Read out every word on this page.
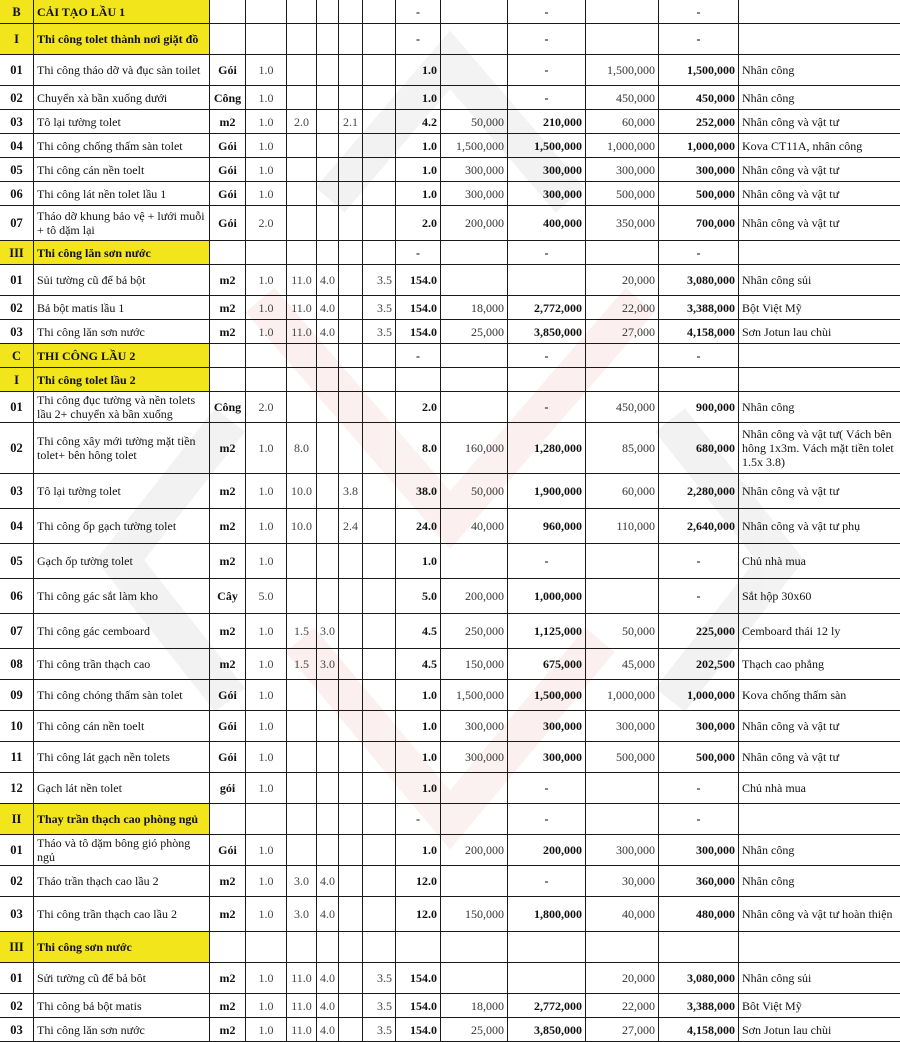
B	CẢI TẠO LẦU 1							-		-		-	
I	Thi công tolet thành nơi giặt đồ							-		-		-	
01	Thi công tháo dỡ và đục sàn toilet	Gói	1.0					1.0		-	1,500,000	1,500,000	Nhân công
02	Chuyển xà bần xuống dưới	Công	1.0					1.0		-	450,000	450,000	Nhân công
03	Tô lại tường tolet	m2	1.0	2.0		2.1		4.2	50,000	210,000	60,000	252,000	Nhân công và vật tư
04	Thi công chống thấm sàn tolet	Gói	1.0					1.0	1,500,000	1,500,000	1,000,000	1,000,000	Kova CT11A, nhân công
05	Thi công cán nền toelt	Gói	1.0					1.0	300,000	300,000	300,000	300,000	Nhân công và vật tư
06	Thi công lát nền tolet lầu 1	Gói	1.0					1.0	300,000	300,000	500,000	500,000	Nhân công và vật tư
07	Tháo dỡ khung bảo vệ + lưới muỗi + tô dặm lại	Gói	2.0					2.0	200,000	400,000	350,000	700,000	Nhân công và vật tư
III	Thi công lăn sơn nước							-		-		-	
01	Sủi tường cũ để bả bột	m2	1.0	11.0	4.0		3.5	154.0			20,000	3,080,000	Nhân công sủi
02	Bả bột matis lầu 1	m2	1.0	11.0	4.0		3.5	154.0	18,000	2,772,000	22,000	3,388,000	Bột Việt Mỹ
03	Thi công lăn sơn nước	m2	1.0	11.0	4.0		3.5	154.0	25,000	3,850,000	27,000	4,158,000	Sơn Jotun lau chùi
C	THI CÔNG LẦU 2							-		-		-	
I	Thi công tolet lầu 2												
01	Thi công đục tường và nền tolets lầu 2+ chuyển xà bần xuống	Công	2.0					2.0		-	450,000	900,000	Nhân công
02	Thi công xây mới tường mặt tiền tolet+ bên hông tolet	m2	1.0	8.0				8.0	160,000	1,280,000	85,000	680,000	Nhân công và vật tư( Vách bên hông 1x3m. Vách mặt tiền tolet 1.5x 3.8)
03	Tô lại tường tolet	m2	1.0	10.0		3.8		38.0	50,000	1,900,000	60,000	2,280,000	Nhân công và vật tư
04	Thi công ốp gạch tường tolet	m2	1.0	10.0		2.4		24.0	40,000	960,000	110,000	2,640,000	Nhân công và vật tư phụ
05	Gạch ốp tường tolet	m2	1.0					1.0		-		-	Chủ nhà mua
06	Thi công gác sắt làm kho	Cây	5.0					5.0	200,000	1,000,000		-	Sắt hộp 30x60
07	Thi công gác cemboard	m2	1.0	1.5	3.0			4.5	250,000	1,125,000	50,000	225,000	Cemboard thái 12 ly
08	Thi công trần thạch cao	m2	1.0	1.5	3.0			4.5	150,000	675,000	45,000	202,500	Thạch cao phẳng
09	Thi công chóng thấm sàn tolet	Gói	1.0					1.0	1,500,000	1,500,000	1,000,000	1,000,000	Kova chống thấm sàn
10	Thi công cán nền toelt	Gói	1.0					1.0	300,000	300,000	300,000	300,000	Nhân công và vật tư
11	Thi công lát gạch nền tolets	Gói	1.0					1.0	300,000	300,000	500,000	500,000	Nhân công và vật tư
12	Gạch lát nền tolet	gói	1.0					1.0		-		-	Chủ nhà mua
II	Thay trần thạch cao phòng ngủ							-		-		-	
01	Tháo và tô dặm bông gió phòng ngủ	Gói	1.0					1.0	200,000	200,000	300,000	300,000	Nhân công
02	Tháo trần thạch cao lầu 2	m2	1.0	3.0	4.0			12.0		-	30,000	360,000	Nhân công
03	Thi công trần thạch cao lầu 2	m2	1.0	3.0	4.0			12.0	150,000	1,800,000	40,000	480,000	Nhân công và vật tư hoàn thiện
III	Thi công sơn nước												
01	Sửi tường cũ để bả bôt	m2	1.0	11.0	4.0		3.5	154.0			20,000	3,080,000	Nhân công sủi
02	Thi công bả bột matis	m2	1.0	11.0	4.0		3.5	154.0	18,000	2,772,000	22,000	3,388,000	Bôt Việt Mỹ
03	Thi công lăn sơn nước	m2	1.0	11.0	4.0		3.5	154.0	25,000	3,850,000	27,000	4,158,000	Sơn Jotun lau chùi
